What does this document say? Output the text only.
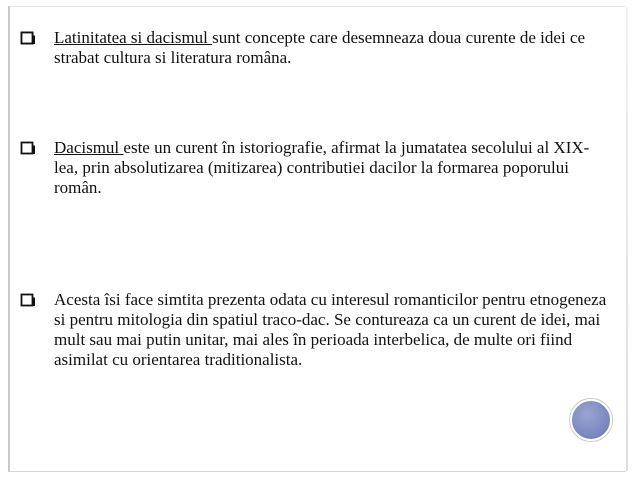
Latinitatea si dacismul sunt concepte care desemneaza doua curente de idei ce strabat cultura si literatura româna.
Dacismul este un curent în istoriografie, afirmat la jumatatea secolului al XIX-lea, prin absolutizarea (mitizarea) contributiei dacilor la formarea poporului român.
Acesta îsi face simtita prezenta odata cu interesul romanticilor pentru etnogeneza si pentru mitologia din spatiul traco-dac. Se contureaza ca un curent de idei, mai mult sau mai putin unitar, mai ales în perioada interbelica, de multe ori fiind asimilat cu orientarea traditionalista.
